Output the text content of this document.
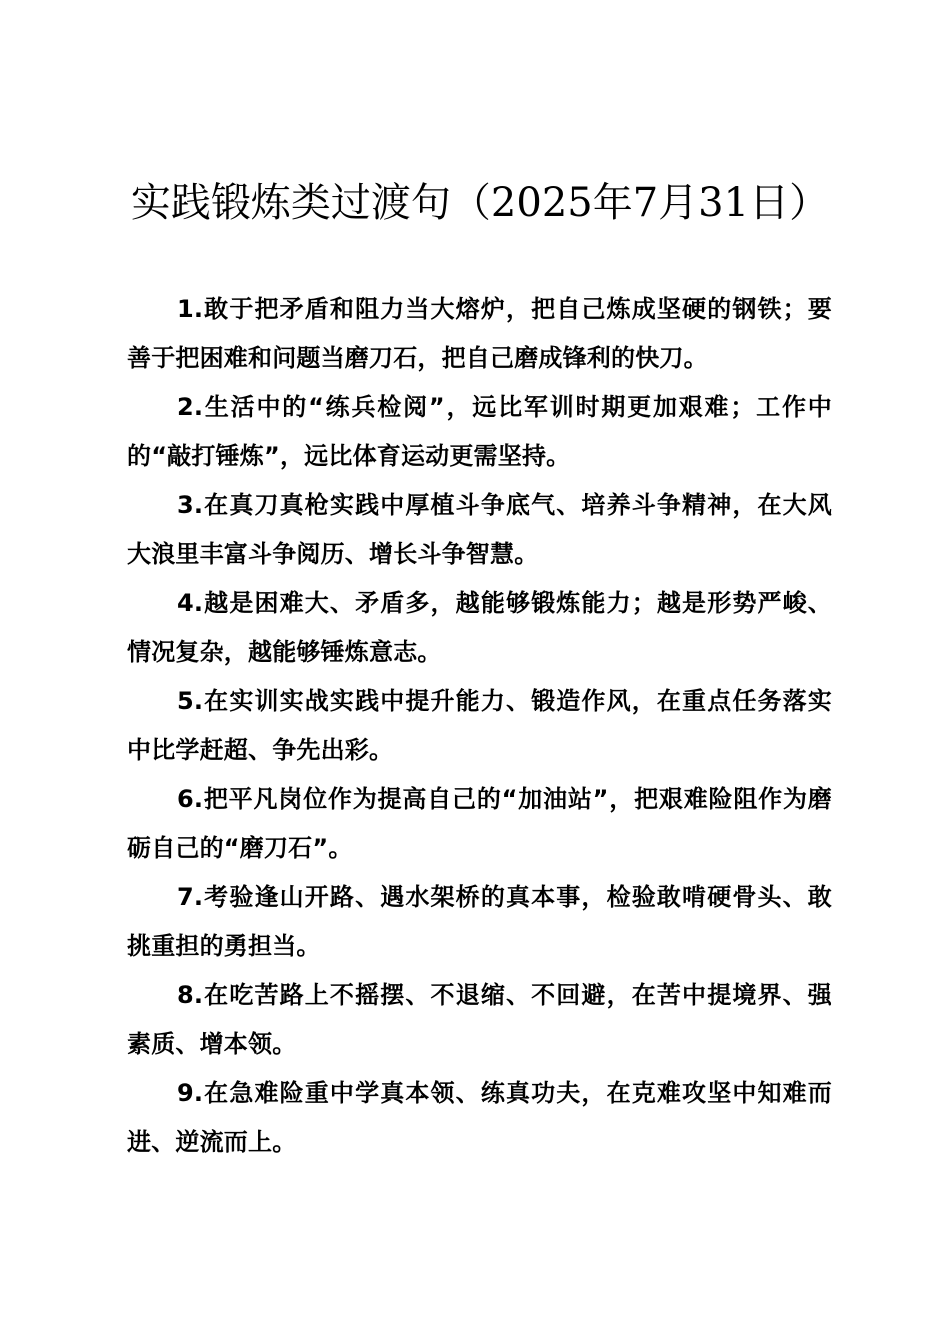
实践锻炼类过渡句（2025年7月31日）

1.敢于把矛盾和阻力当大熔炉，把自己炼成坚硬的钢铁；要善于把困难和问题当磨刀石，把自己磨成锋利的快刀。

2.生活中的“练兵检阅”，远比军训时期更加艰难；工作中的“敲打锤炼”，远比体育运动更需坚持。

3.在真刀真枪实践中厚植斗争底气、培养斗争精神，在大风大浪里丰富斗争阅历、增长斗争智慧。

4.越是困难大、矛盾多，越能够锻炼能力；越是形势严峻、情况复杂，越能够锤炼意志。

5.在实训实战实践中提升能力、锻造作风，在重点任务落实中比学赶超、争先出彩。

6.把平凡岗位作为提高自己的“加油站”，把艰难险阻作为磨砺自己的“磨刀石”。

7.考验逢山开路、遇水架桥的真本事，检验敢啃硬骨头、敢挑重担的勇担当。

8.在吃苦路上不摇摆、不退缩、不回避，在苦中提境界、强素质、增本领。

9.在急难险重中学真本领、练真功夫，在克难攻坚中知难而进、逆流而上。
